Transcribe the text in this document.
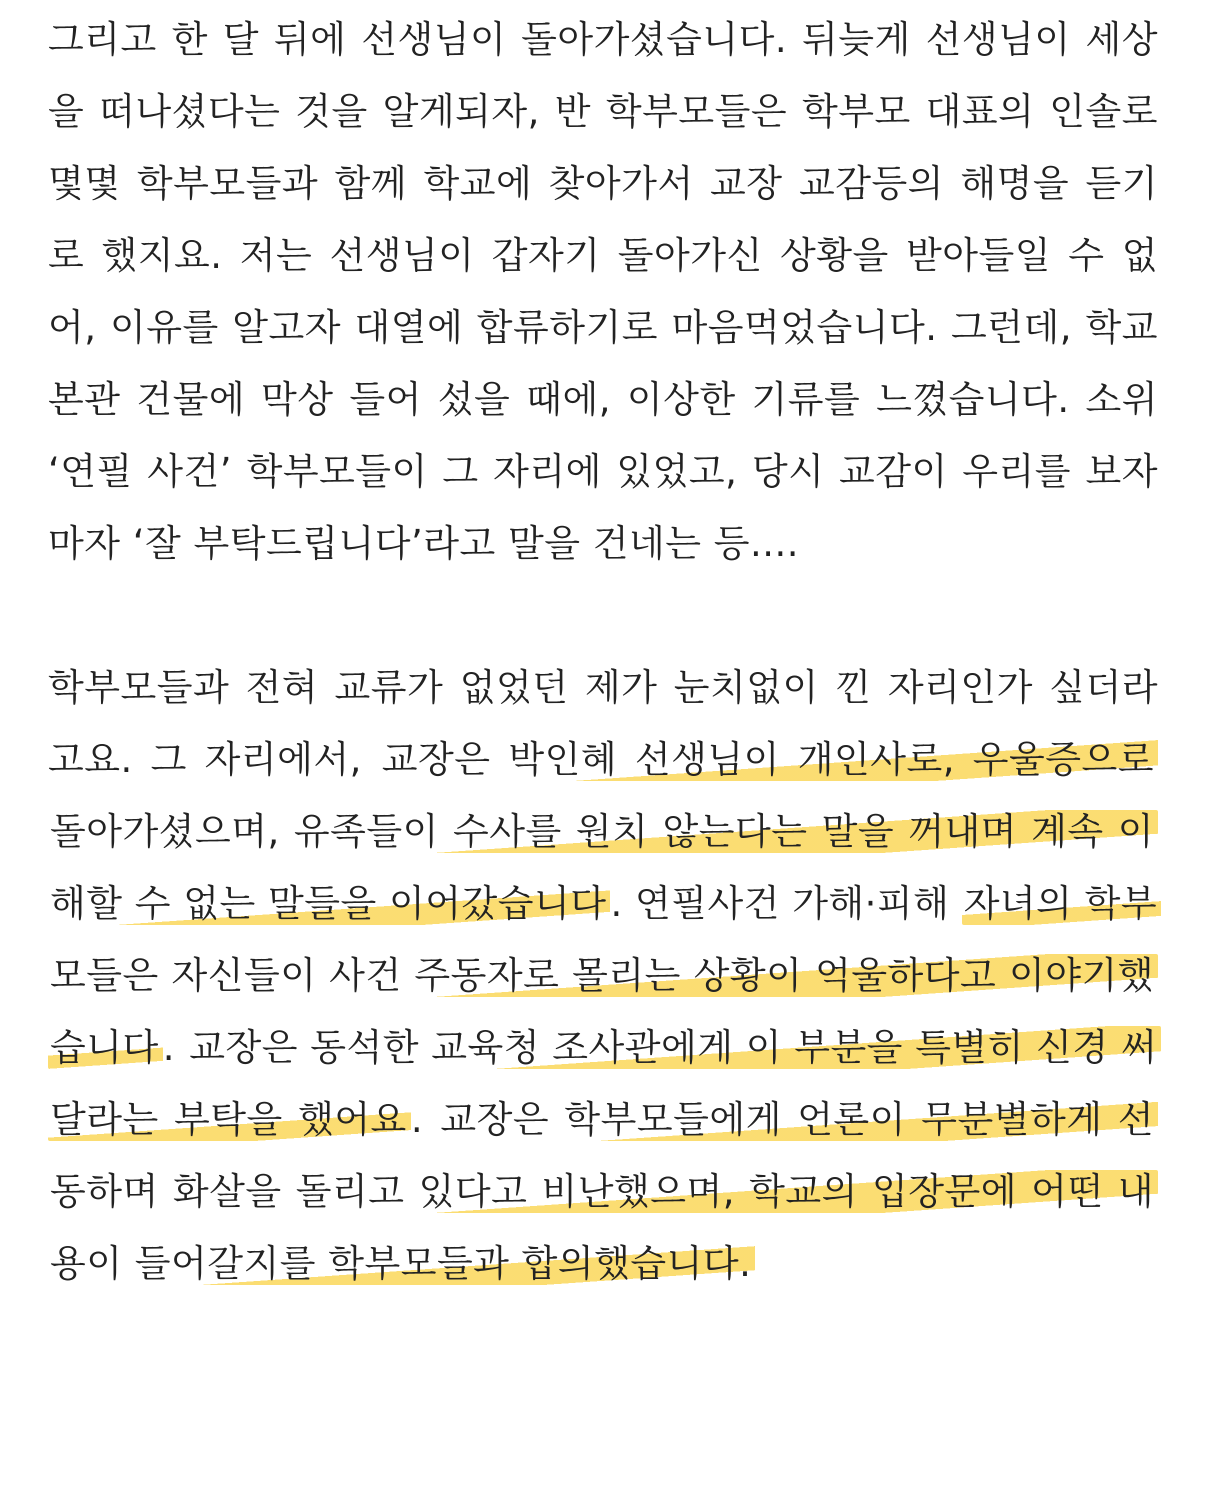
그리고 한 달 뒤에 선생님이 돌아가셨습니다. 뒤늦게 선생님이 세상을 떠나셨다는 것을 알게되자, 반 학부모들은 학부모 대표의 인솔로 몇몇 학부모들과 함께 학교에 찾아가서 교장 교감등의 해명을 듣기로 했지요. 저는 선생님이 갑자기 돌아가신 상황을 받아들일 수 없어, 이유를 알고자 대열에 합류하기로 마음먹었습니다. 그런데, 학교 본관 건물에 막상 들어 섰을 때에, 이상한 기류를 느꼈습니다. 소위 ‘연필 사건’ 학부모들이 그 자리에 있었고, 당시 교감이 우리를 보자마자 ‘잘 부탁드립니다’라고 말을 건네는 등....

학부모들과 전혀 교류가 없었던 제가 눈치없이 낀 자리인가 싶더라고요. 그 자리에서, 교장은 박인혜 선생님이 개인사로, 우울증으로 돌아가셨으며, 유족들이 수사를 원치 않는다는 말을 꺼내며 계속 이해할 수 없는 말들을 이어갔습니다 . 연필사건 가해·피해 자녀의 학부모들은 자신들이 사건 주동자로 몰리는 상황이 억울하다고 이야기했습니다 . 교장은 동석한 교육청 조사관에게 이 부분을 특별히 신경 써달라는 부탁을 했어요 . 교장은 학부모들에게 언론이 무분별하게 선동하며 화살을 돌리고 있다고 비난했으며, 학교의 입장문에 어떤 내용이 들어갈지를 학부모들과 합의했습니다.
